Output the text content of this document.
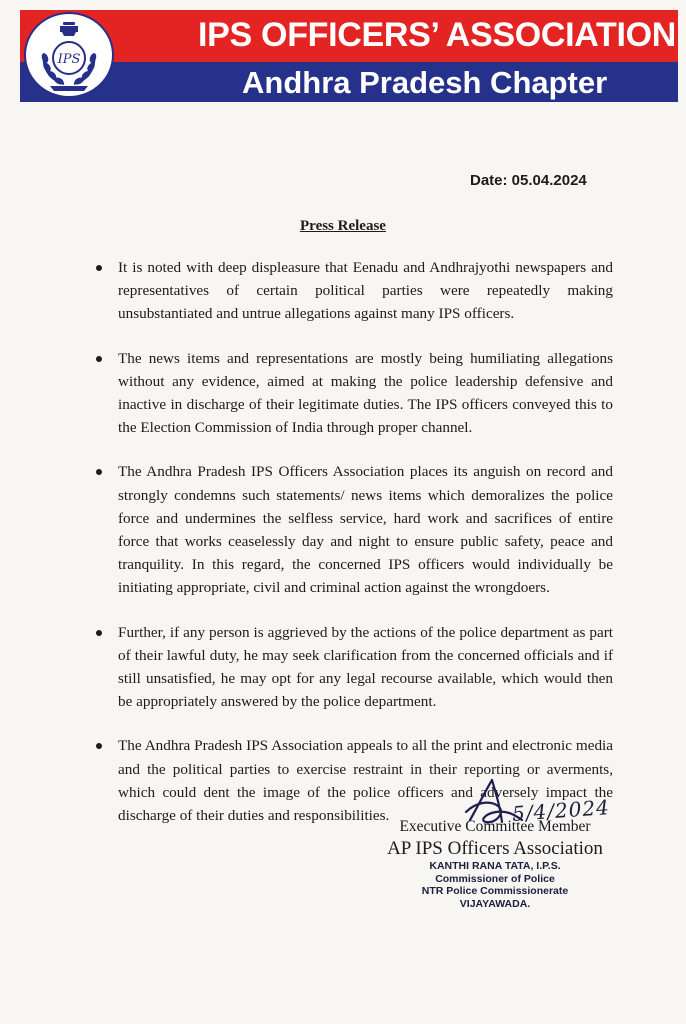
IPS OFFICERS’ ASSOCIATION
Andhra Pradesh Chapter
IPS
Date: 05.04.2024
Press Release
It is noted with deep displeasure that Eenadu and Andhrajyothi newspapers and representatives of certain political parties were repeatedly making unsubstantiated and untrue allegations against many IPS officers.
The news items and representations are mostly being humiliating allegations without any evidence, aimed at making the police leadership defensive and inactive in discharge of their legitimate duties. The IPS officers conveyed this to the Election Commission of India through proper channel.
The Andhra Pradesh IPS Officers Association places its anguish on record and strongly condemns such statements/ news items which demoralizes the police force and undermines the selfless service, hard work and sacrifices of entire force that works ceaselessly day and night to ensure public safety, peace and tranquility. In this regard, the concerned IPS officers would individually be initiating appropriate, civil and criminal action against the wrongdoers.
Further, if any person is aggrieved by the actions of the police department as part of their lawful duty, he may seek clarification from the concerned officials and if still unsatisfied, he may opt for any legal recourse available, which would then be appropriately answered by the police department.
The Andhra Pradesh IPS Association appeals to all the print and electronic media and the political parties to exercise restraint in their reporting or averments, which could dent the image of the police officers and adversely impact the discharge of their duties and responsibilities.	5/4/2024
Executive Committee Member
AP IPS Officers Association
KANTHI RANA TATA, I.P.S.
Commissioner of Police
NTR Police Commissionerate
VIJAYAWADA.
